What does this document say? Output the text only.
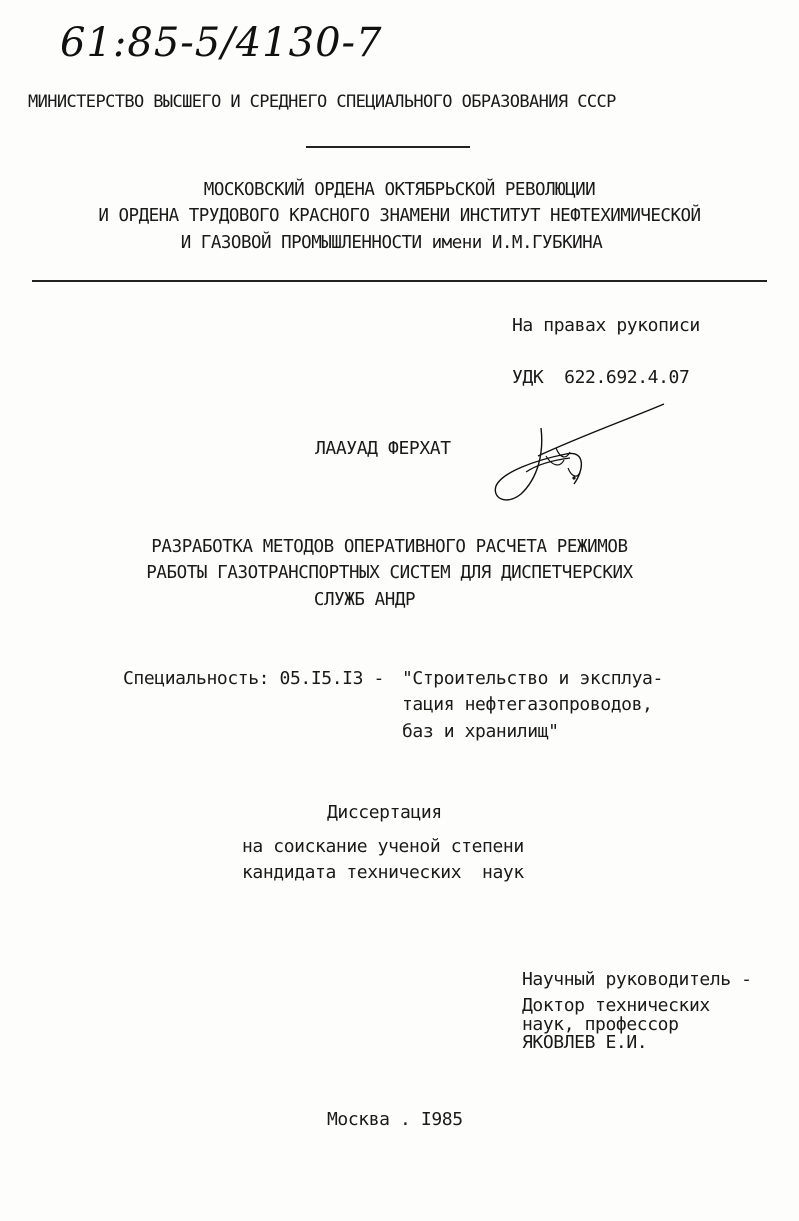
61:85-5/4130-7
МИНИСТЕРСТВО ВЫСШЕГО И СРЕДНЕГО СПЕЦИАЛЬНОГО ОБРАЗОВАНИЯ СССР
МОСКОВСКИЙ ОРДЕНА ОКТЯБРЬСКОЙ РЕВОЛЮЦИИ
И ОРДЕНА ТРУДОВОГО КРАСНОГО ЗНАМЕНИ ИНСТИТУТ НЕФТЕХИМИЧЕСКОЙ
И ГАЗОВОЙ ПРОМЫШЛЕННОСТИ имени И.М.ГУБКИНА
На правах рукописи
УДК  622.692.4.07
ЛААУАД ФЕРХАТ
РАЗРАБОТКА МЕТОДОВ ОПЕРАТИВНОГО РАСЧЕТА РЕЖИМОВ
РАБОТЫ ГАЗОТРАНСПОРТНЫХ СИСТЕМ ДЛЯ ДИСПЕТЧЕРСКИХ
СЛУЖБ АНДР
Специальность: 05.I5.I3 - "Строительство и эксплуа-
тация нефтегазопроводов,
баз и хранилищ"
Диссертация
на соискание ученой степени
кандидата технических  наук
Научный руководитель -
Доктор технических
наук, профессор
ЯКОВЛЕВ Е.И.
Москва . I985
